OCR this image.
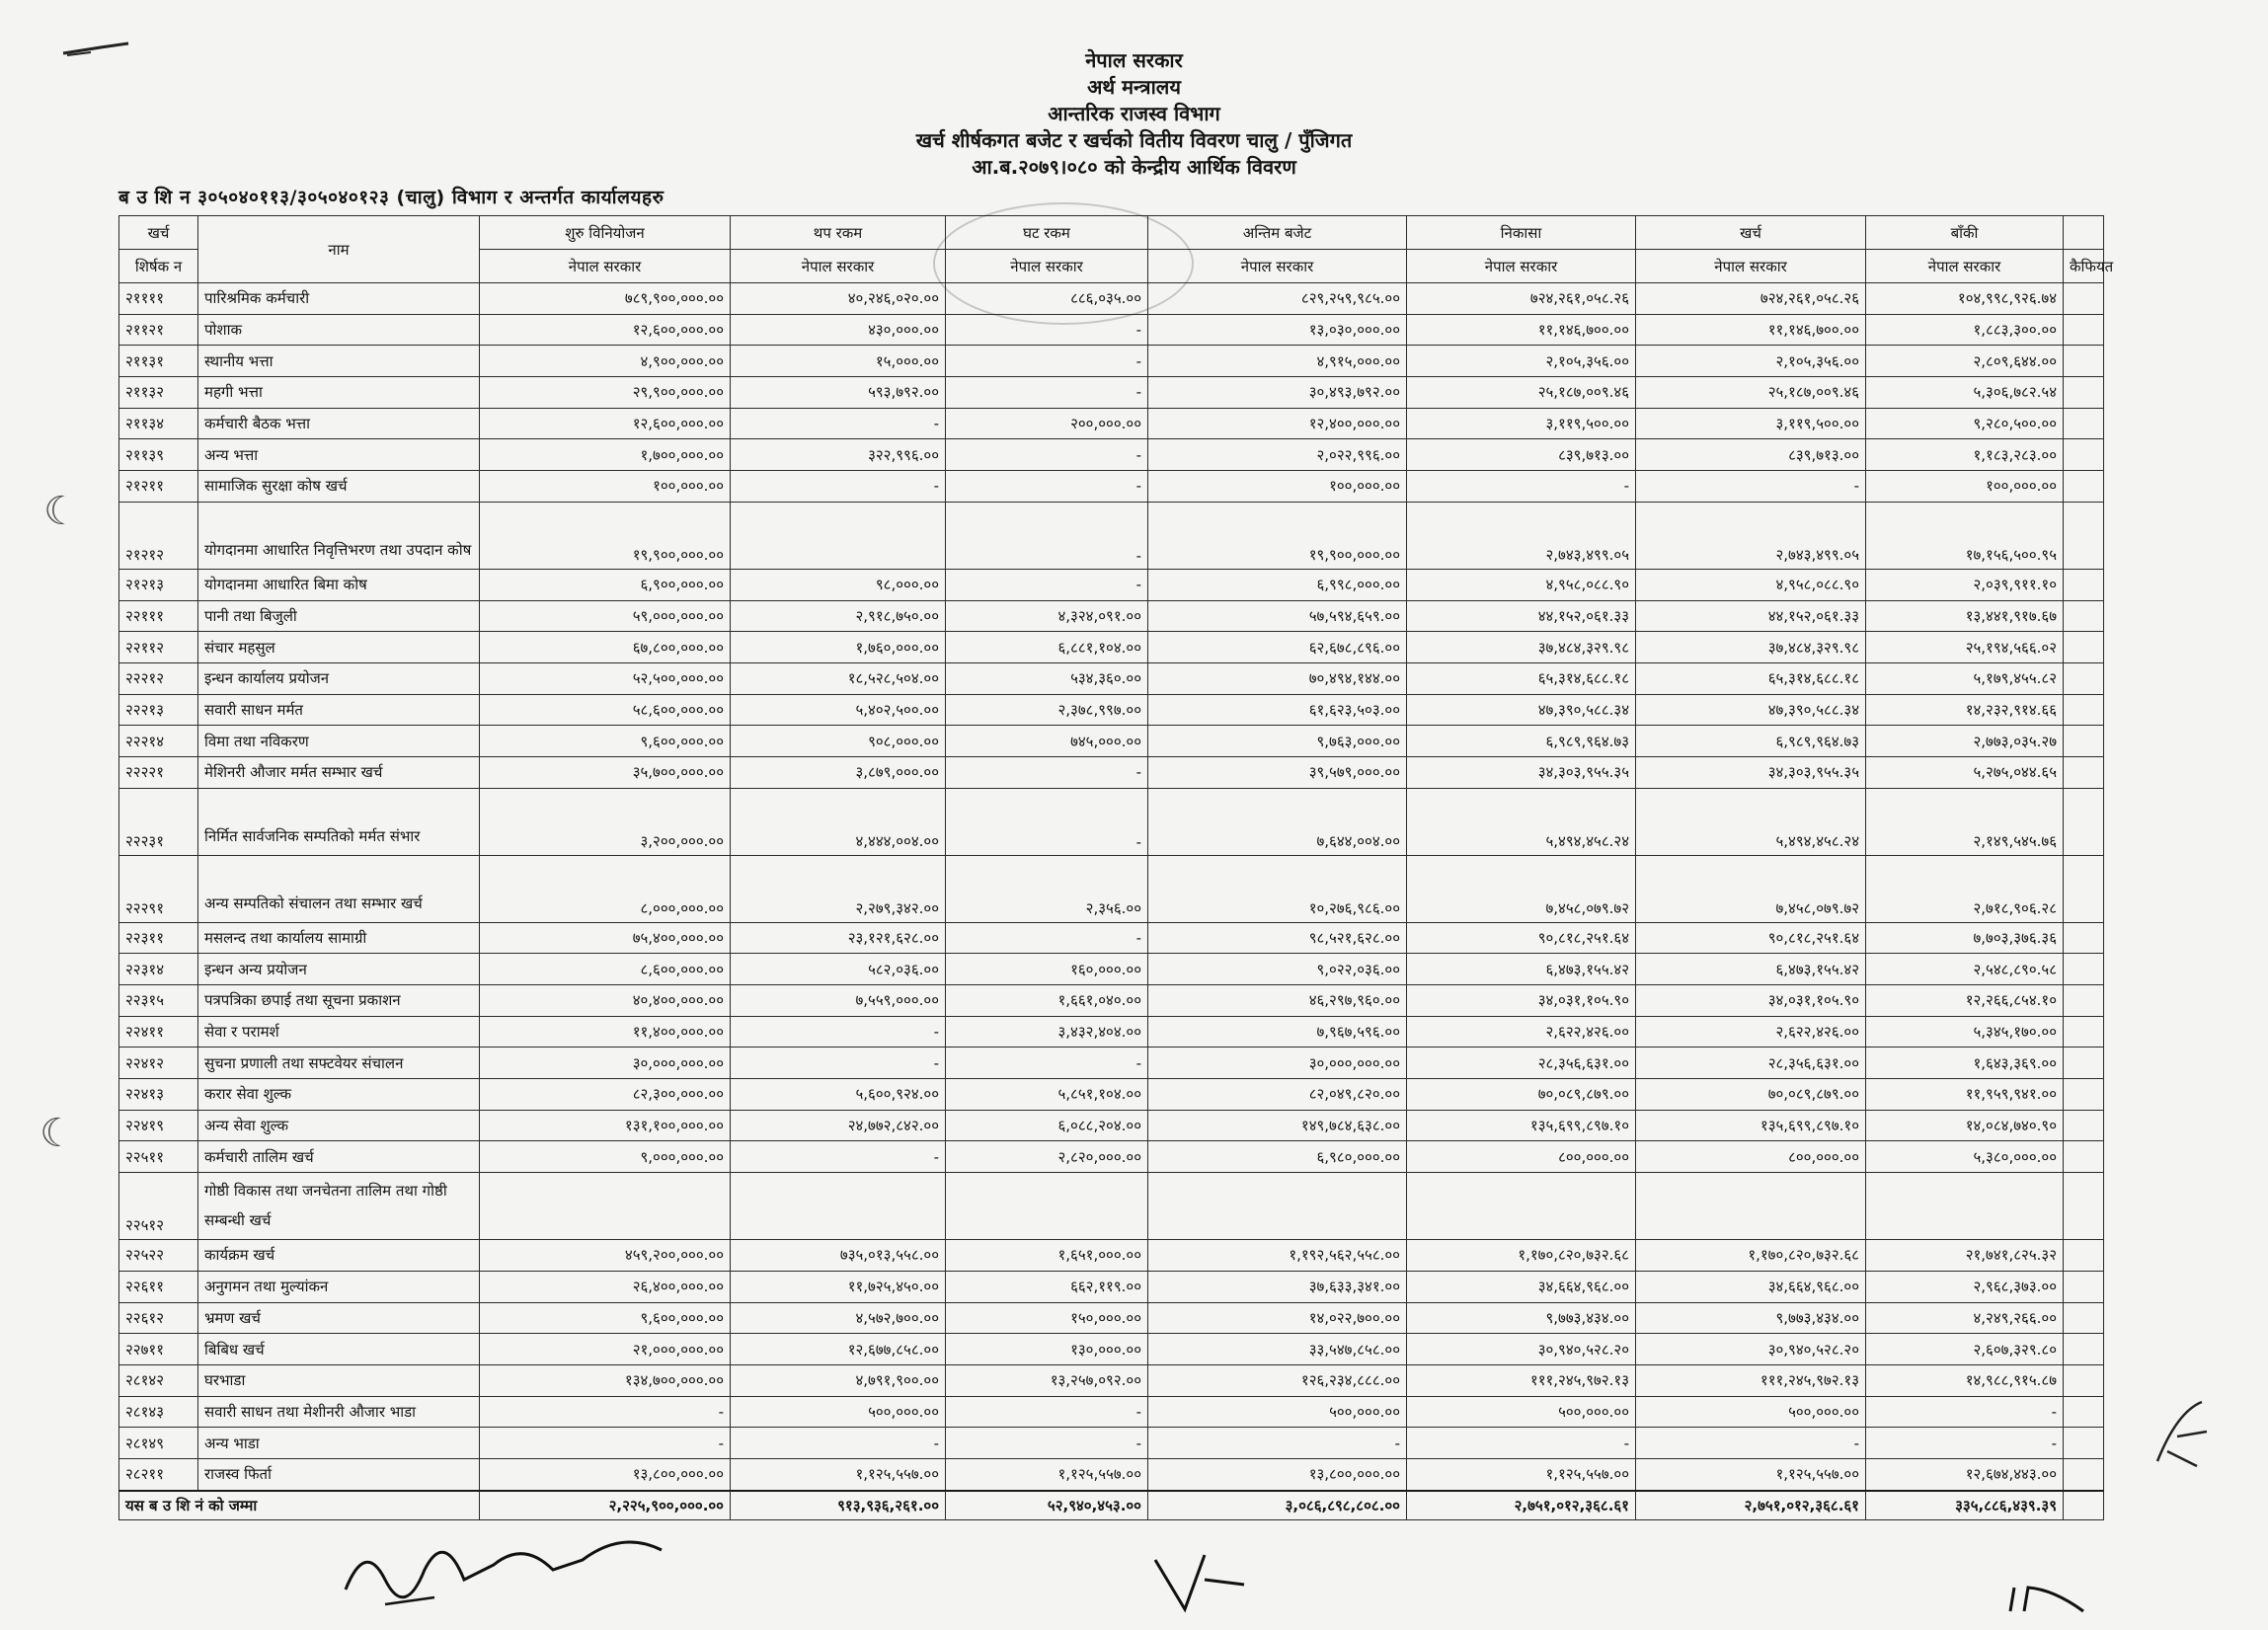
नेपाल सरकार
अर्थ मन्त्रालय
आन्तरिक राजस्व विभाग
खर्च शीर्षकगत बजेट र खर्चको वितीय विवरण चालु / पुँजिगत
आ.ब.२०७९।०८० को केन्द्रीय आर्थिक विवरण
ब उ शि न ३०५०४०११३/३०५०४०१२३ (चालु) विभाग र अन्तर्गत कार्यालयहरु
खर्च	नाम	शुरु विनियोजन	थप रकम	घट रकम	अन्तिम बजेट	निकासा	खर्च	बाँकी	
शिर्षक न		नेपाल सरकार	नेपाल सरकार	नेपाल सरकार	नेपाल सरकार	नेपाल सरकार	नेपाल सरकार	नेपाल सरकार	कैफियत
२११११	पारिश्रमिक कर्मचारी	७८९,९००,०००.००	४०,२४६,०२०.००	८८६,०३५.००	८२९,२५९,९८५.००	७२४,२६१,०५८.२६	७२४,२६१,०५८.२६	१०४,९९८,९२६.७४	
२११२१	पोशाक	१२,६००,०००.००	४३०,०००.००	-	१३,०३०,०००.००	११,१४६,७००.००	११,१४६,७००.००	१,८८३,३००.००	
२११३१	स्थानीय भत्ता	४,९००,०००.००	१५,०००.००	-	४,९१५,०००.००	२,१०५,३५६.००	२,१०५,३५६.००	२,८०९,६४४.००	
२११३२	महगी भत्ता	२९,९००,०००.००	५९३,७९२.००	-	३०,४९३,७९२.००	२५,१८७,००९.४६	२५,१८७,००९.४६	५,३०६,७८२.५४	
२११३४	कर्मचारी बैठक भत्ता	१२,६००,०००.००	-	२००,०००.००	१२,४००,०००.००	३,११९,५००.००	३,११९,५००.००	९,२८०,५००.००	
२११३९	अन्य भत्ता	१,७००,०००.००	३२२,९९६.००	-	२,०२२,९९६.००	८३९,७१३.००	८३९,७१३.००	१,१८३,२८३.००	
२१२११	सामाजिक सुरक्षा कोष खर्च	१००,०००.००	-	-	१००,०००.००	-	-	१००,०००.००	
२१२१२	योगदानमा आधारित निवृत्तिभरण तथा उपदान कोष	१९,९००,०००.००		-	१९,९००,०००.००	२,७४३,४९९.०५	२,७४३,४९९.०५	१७,१५६,५००.९५	
२१२१३	योगदानमा आधारित बिमा कोष	६,९००,०००.००	९८,०००.००	-	६,९९८,०००.००	४,९५८,०८८.९०	४,९५८,०८८.९०	२,०३९,९११.१०	
२२१११	पानी तथा बिजुली	५९,०००,०००.००	२,९१८,७५०.००	४,३२४,०९१.००	५७,५९४,६५९.००	४४,१५२,०६१.३३	४४,१५२,०६१.३३	१३,४४१,९१७.६७	
२२११२	संचार महसुल	६७,८००,०००.००	१,७६०,०००.००	६,८८१,१०४.००	६२,६७८,८९६.००	३७,४८४,३२९.९८	३७,४८४,३२९.९८	२५,१९४,५६६.०२	
२२२१२	इन्धन कार्यालय प्रयोजन	५२,५००,०००.००	१८,५२८,५०४.००	५३४,३६०.००	७०,४९४,१४४.००	६५,३१४,६८८.१८	६५,३१४,६८८.१८	५,१७९,४५५.८२	
२२२१३	सवारी साधन मर्मत	५८,६००,०००.००	५,४०२,५००.००	२,३७८,९९७.००	६१,६२३,५०३.००	४७,३९०,५८८.३४	४७,३९०,५८८.३४	१४,२३२,९१४.६६	
२२२१४	विमा तथा नविकरण	९,६००,०००.००	९०८,०००.००	७४५,०००.००	९,७६३,०००.००	६,९८९,९६४.७३	६,९८९,९६४.७३	२,७७३,०३५.२७	
२२२२१	मेशिनरी औजार मर्मत सम्भार खर्च	३५,७००,०००.००	३,८७९,०००.००	-	३९,५७९,०००.००	३४,३०३,९५५.३५	३४,३०३,९५५.३५	५,२७५,०४४.६५	
२२२३१	निर्मित सार्वजनिक सम्पतिको मर्मत संभार	३,२००,०००.००	४,४४४,००४.००	-	७,६४४,००४.००	५,४९४,४५८.२४	५,४९४,४५८.२४	२,१४९,५४५.७६	
२२२९१	अन्य सम्पतिको संचालन तथा सम्भार खर्च	८,०००,०००.००	२,२७९,३४२.००	२,३५६.००	१०,२७६,९८६.००	७,४५८,०७९.७२	७,४५८,०७९.७२	२,७१८,९०६.२८	
२२३११	मसलन्द तथा कार्यालय सामाग्री	७५,४००,०००.००	२३,१२१,६२८.००	-	९८,५२१,६२८.००	९०,८१८,२५१.६४	९०,८१८,२५१.६४	७,७०३,३७६.३६	
२२३१४	इन्धन अन्य प्रयोजन	८,६००,०००.००	५८२,०३६.००	१६०,०००.००	९,०२२,०३६.००	६,४७३,१५५.४२	६,४७३,१५५.४२	२,५४८,८९०.५८	
२२३१५	पत्रपत्रिका छपाई तथा सूचना प्रकाशन	४०,४००,०००.००	७,५५९,०००.००	१,६६१,०४०.००	४६,२९७,९६०.००	३४,०३१,१०५.९०	३४,०३१,१०५.९०	१२,२६६,८५४.१०	
२२४११	सेवा र परामर्श	११,४००,०००.००	-	३,४३२,४०४.००	७,९६७,५९६.००	२,६२२,४२६.००	२,६२२,४२६.००	५,३४५,१७०.००	
२२४१२	सुचना प्रणाली तथा सफ्टवेयर संचालन	३०,०००,०००.००	-	-	३०,०००,०००.००	२८,३५६,६३१.००	२८,३५६,६३१.००	१,६४३,३६९.००	
२२४१३	करार सेवा शुल्क	८२,३००,०००.००	५,६००,९२४.००	५,८५१,१०४.००	८२,०४९,८२०.००	७०,०८९,८७९.००	७०,०८९,८७९.००	११,९५९,९४१.००	
२२४१९	अन्य सेवा शुल्क	१३१,१००,०००.००	२४,७७२,८४२.००	६,०८८,२०४.००	१४९,७८४,६३८.००	१३५,६९९,८९७.१०	१३५,६९९,८९७.१०	१४,०८४,७४०.९०	
२२५११	कर्मचारी तालिम खर्च	९,०००,०००.००	-	२,८२०,०००.००	६,९८०,०००.००	८००,०००.००	८००,०००.००	५,३८०,०००.००	
२२५१२	गोष्ठी विकास तथा जनचेतना तालिम तथा गोष्ठी सम्बन्धी खर्च								
२२५२२	कार्यक्रम खर्च	४५९,२००,०००.००	७३५,०१३,५५८.००	१,६५१,०००.००	१,१९२,५६२,५५८.००	१,१७०,८२०,७३२.६८	१,१७०,८२०,७३२.६८	२१,७४१,८२५.३२	
२२६११	अनुगमन तथा मुल्यांकन	२६,४००,०००.००	११,७२५,४५०.००	६६२,११९.००	३७,६३३,३४१.००	३४,६६४,९६८.००	३४,६६४,९६८.००	२,९६८,३७३.००	
२२६१२	भ्रमण खर्च	९,६००,०००.००	४,५७२,७००.००	१५०,०००.००	१४,०२२,७००.००	९,७७३,४३४.००	९,७७३,४३४.००	४,२४९,२६६.००	
२२७११	बिबिध खर्च	२१,०००,०००.००	१२,६७७,८५८.००	१३०,०००.००	३३,५४७,८५८.००	३०,९४०,५२८.२०	३०,९४०,५२८.२०	२,६०७,३२९.८०	
२८१४२	घरभाडा	१३४,७००,०००.००	४,७९१,९००.००	१३,२५७,०९२.००	१२६,२३४,८८८.००	१११,२४५,९७२.१३	१११,२४५,९७२.१३	१४,९८८,९१५.८७	
२८१४३	सवारी साधन तथा मेशीनरी औजार भाडा	-	५००,०००.००	-	५००,०००.००	५००,०००.००	५००,०००.००	-	
२८१४९	अन्य भाडा	-	-	-	-	-	-	-	
२८२११	राजस्व फिर्ता	१३,८००,०००.००	१,१२५,५५७.००	१,१२५,५५७.००	१३,८००,०००.००	१,१२५,५५७.००	१,१२५,५५७.००	१२,६७४,४४३.००	
यस ब उ शि नं को जम्मा		२,२२५,९००,०००.००	९१३,९३६,२६१.००	५२,९४०,४५३.००	३,०८६,८९८,८०८.००	२,७५१,०१२,३६८.६१	२,७५१,०१२,३६८.६१	३३५,८८६,४३९.३९	
☾
☾
